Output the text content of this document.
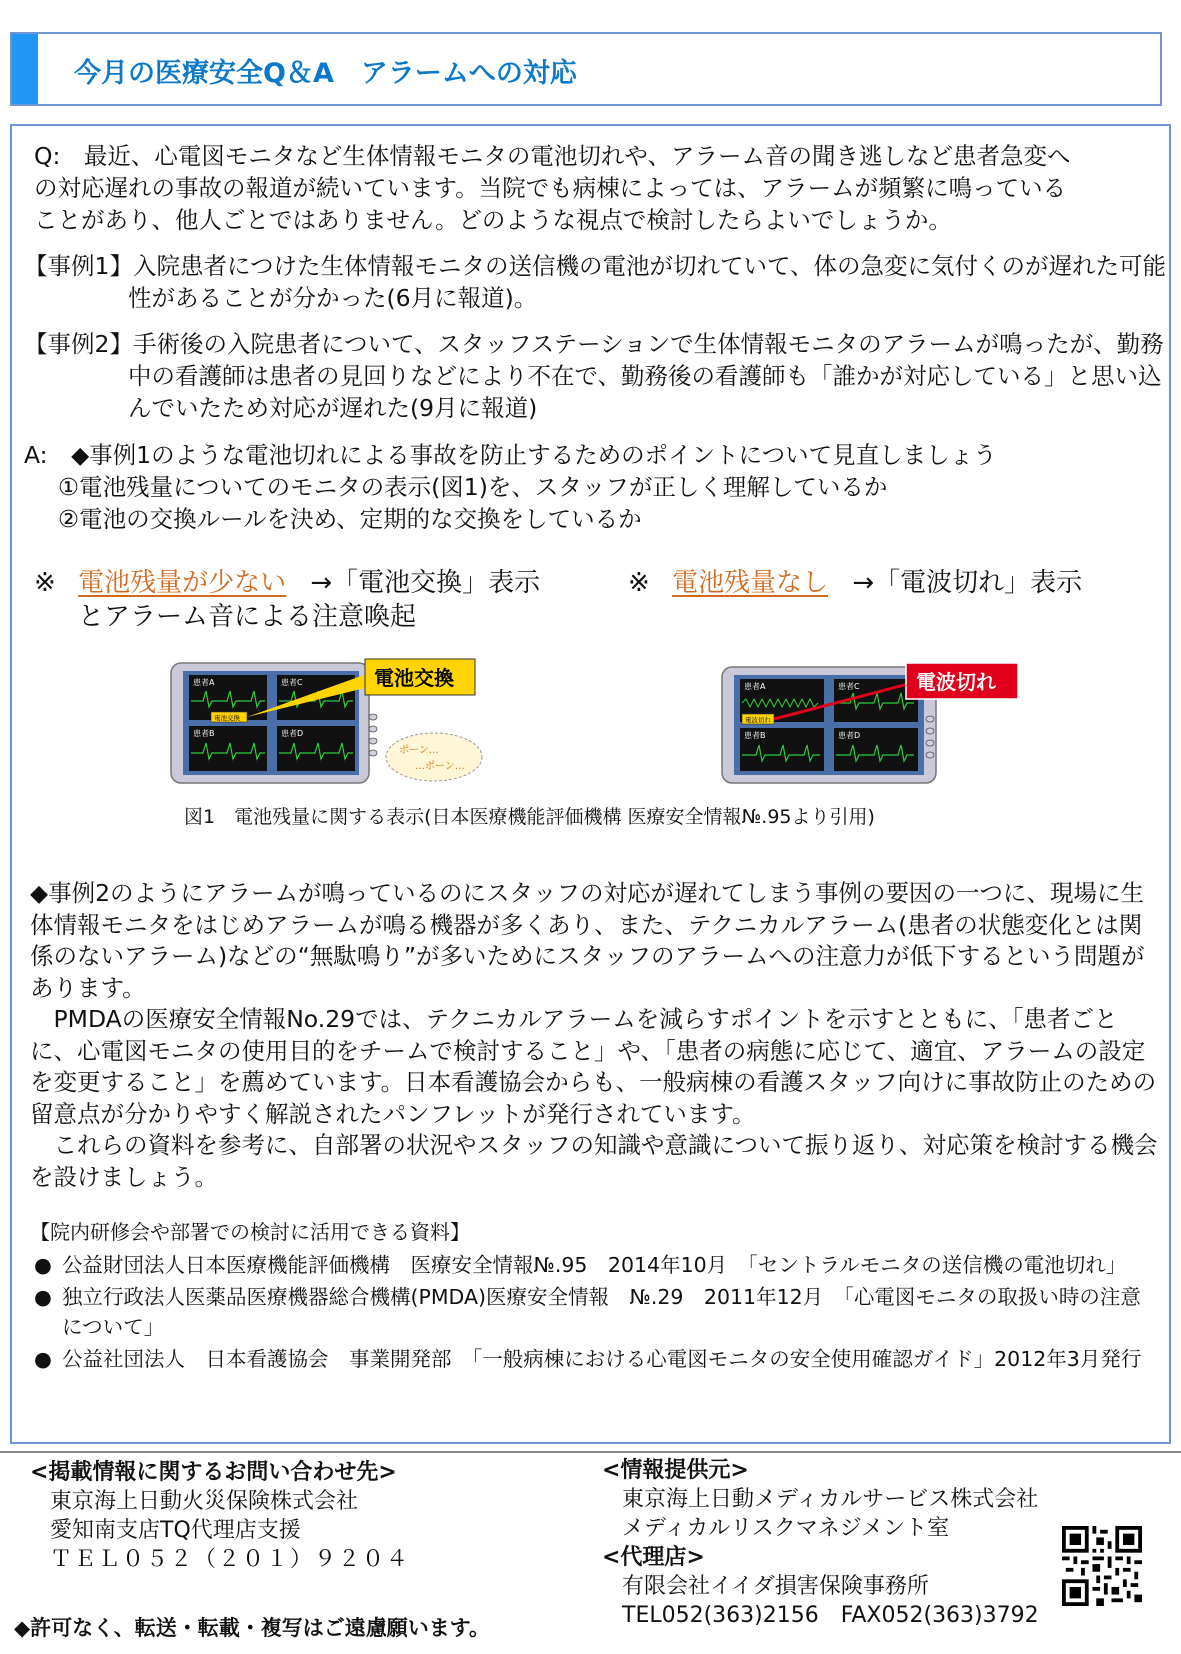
今月の医療安全Q＆A　アラームへの対応
Q:　最近、心電図モニタなど生体情報モニタの電池切れや、アラーム音の聞き逃しなど患者急変へ
の対応遅れの事故の報道が続いています。当院でも病棟によっては、アラームが頻繁に鳴っている
ことがあり、他人ごとではありません。どのような視点で検討したらよいでしょうか。
【事例1】入院患者につけた生体情報モニタの送信機の電池が切れていて、体の急変に気付くのが遅れた可能性があることが分かった(6月に報道)。
【事例2】手術後の入院患者について、スタッフステーションで生体情報モニタのアラームが鳴ったが、勤務中の看護師は患者の見回りなどにより不在で、勤務後の看護師も「誰かが対応している」と思い込んでいたため対応が遅れた(9月に報道)
A:　◆事例1のような電池切れによる事故を防止するためのポイントについて見直しましょう
①電池残量についてのモニタの表示(図1)を、スタッフが正しく理解しているか
②電池の交換ルールを決め、定期的な交換をしているか
※ 電池残量が少ない →「電池交換」表示
とアラーム音による注意喚起
※ 電池残量なし →「電波切れ」表示
患者A	患者C
患者B	患者D
電池交換
電池交換
ポーン…
…ポーン…
患者A	患者C
患者B	患者D
電波切れ
電波切れ
図1　電池残量に関する表示(日本医療機能評価機構 医療安全情報№.95より引用)

◆事例2のようにアラームが鳴っているのにスタッフの対応が遅れてしまう事例の要因の一つに、現場に生体情報モニタをはじめアラームが鳴る機器が多くあり、また、テクニカルアラーム(患者の状態変化とは関係のないアラーム)などの“無駄鳴り”が多いためにスタッフのアラームへの注意力が低下するという問題があります。

　PMDAの医療安全情報No.29では、テクニカルアラームを減らすポイントを示すとともに、「患者ごとに、心電図モニタの使用目的をチームで検討すること」や、「患者の病態に応じて、適宜、アラームの設定を変更すること」を薦めています。日本看護協会からも、一般病棟の看護スタッフ向けに事故防止のための留意点が分かりやすく解説されたパンフレットが発行されています。

　これらの資料を参考に、自部署の状況やスタッフの知識や意識について振り返り、対応策を検討する機会を設けましょう。

【院内研修会や部署での検討に活用できる資料】
● 公益財団法人日本医療機能評価機構　医療安全情報№.95　2014年10月　「セントラルモニタの送信機の電池切れ」
● 独立行政法人医薬品医療機器総合機構(PMDA)医療安全情報　№.29　2011年12月　「心電図モニタの取扱い時の注意について」
● 公益社団法人　日本看護協会　事業開発部　「一般病棟における心電図モニタの安全使用確認ガイド」2012年3月発行
<掲載情報に関するお問い合わせ先>
東京海上日動火災保険株式会社
愛知南支店TQ代理店支援
ＴＥＬ０５２（２０１）９２０４
◆許可なく、転送・転載・複写はご遠慮願います。
<情報提供元>
東京海上日動メディカルサービス株式会社
メディカルリスクマネジメント室
<代理店>
有限会社イイダ損害保険事務所
TEL052(363)2156　FAX052(363)3792
